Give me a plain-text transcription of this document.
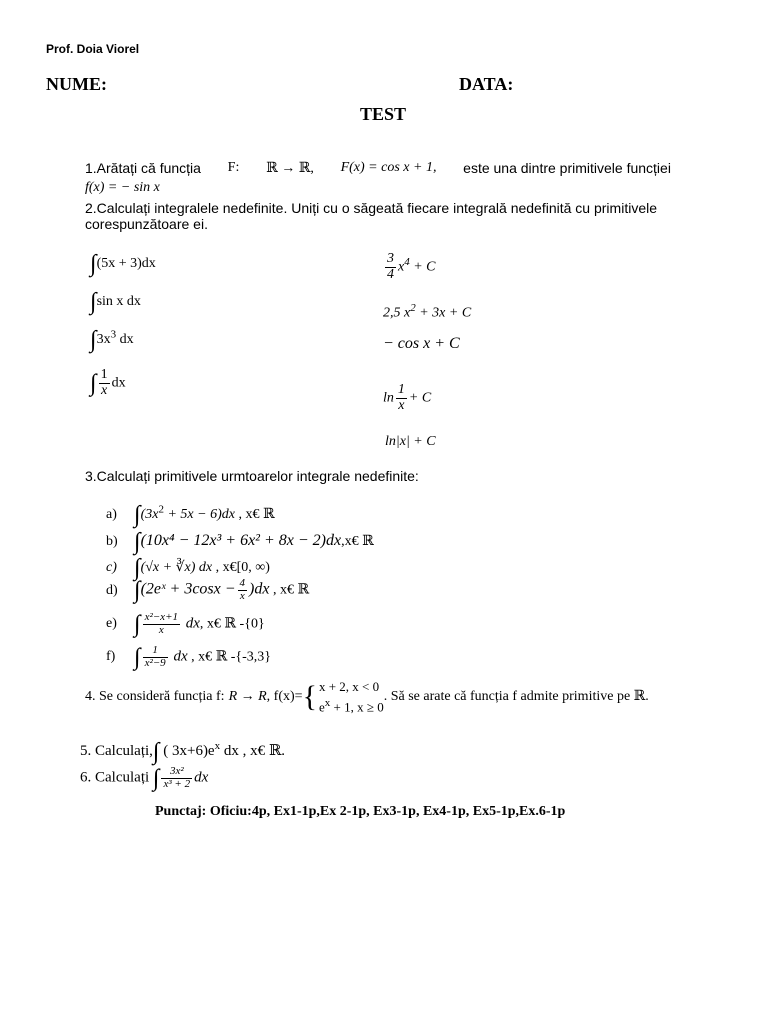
Prof. Doia Viorel
NUME:	DATA:
TEST
1.Arătați că funcția F: ℝ → ℝ, F(x) = cos x + 1, este una dintre primitivele funcției
f(x) = − sin x
2.Calculați integralele nedefinite. Uniți cu o săgeată fiecare integrală nedefinită cu primitivele
corespunzătoare ei.
∫(5x + 3)dx
∫sin x dx
$\int 3x^3$ dx
∫ $\frac{1}{x}$ dx
$\frac{3}{4} x^4 + C$
2,5 $x^2 + 3x + C$
− cos x + C
$\ln \frac{1}{x} + C$
ln|x| + C
3.Calculați primitivele urmtoarelor integrale nedefinite:
a) $\int(3x^2 + 5x - 6)dx$ , x€ ℝ
b) ∫(10x⁴ − 12x³ + 6x² + 8x − 2)dx,x€ ℝ
c) ∫(√x + ∛x) dx , x€[0, ∞)
d) ∫(2eˣ + $3\cos x - \frac{4}{x} )dx$ , x€ ℝ
e) ∫ $\frac{\text{x²−x+1}}{x}$ dx, x€ ℝ -{0}
f) ∫ $\frac{1}{\text{x²−9}}$ dx , x€ ℝ -{-3,3}
4. Se consideră funcția f: R → R , f(x)= { x + 2, x < 0
$e^x + 1$, x ≥ 0
. Să se arate că funcția f admite primitive pe ℝ.
5. Calculați,∫ ( $3x+6)e^x$ dx , x€ ℝ.
6. Calculați ∫ $\frac{\text{3x²}}{\text{x³ + 2}}$ dx
Punctaj: Oficiu:4p, Ex1-1p,Ex 2-1p, Ex3-1p, Ex4-1p, Ex5-1p,Ex.6-1p
